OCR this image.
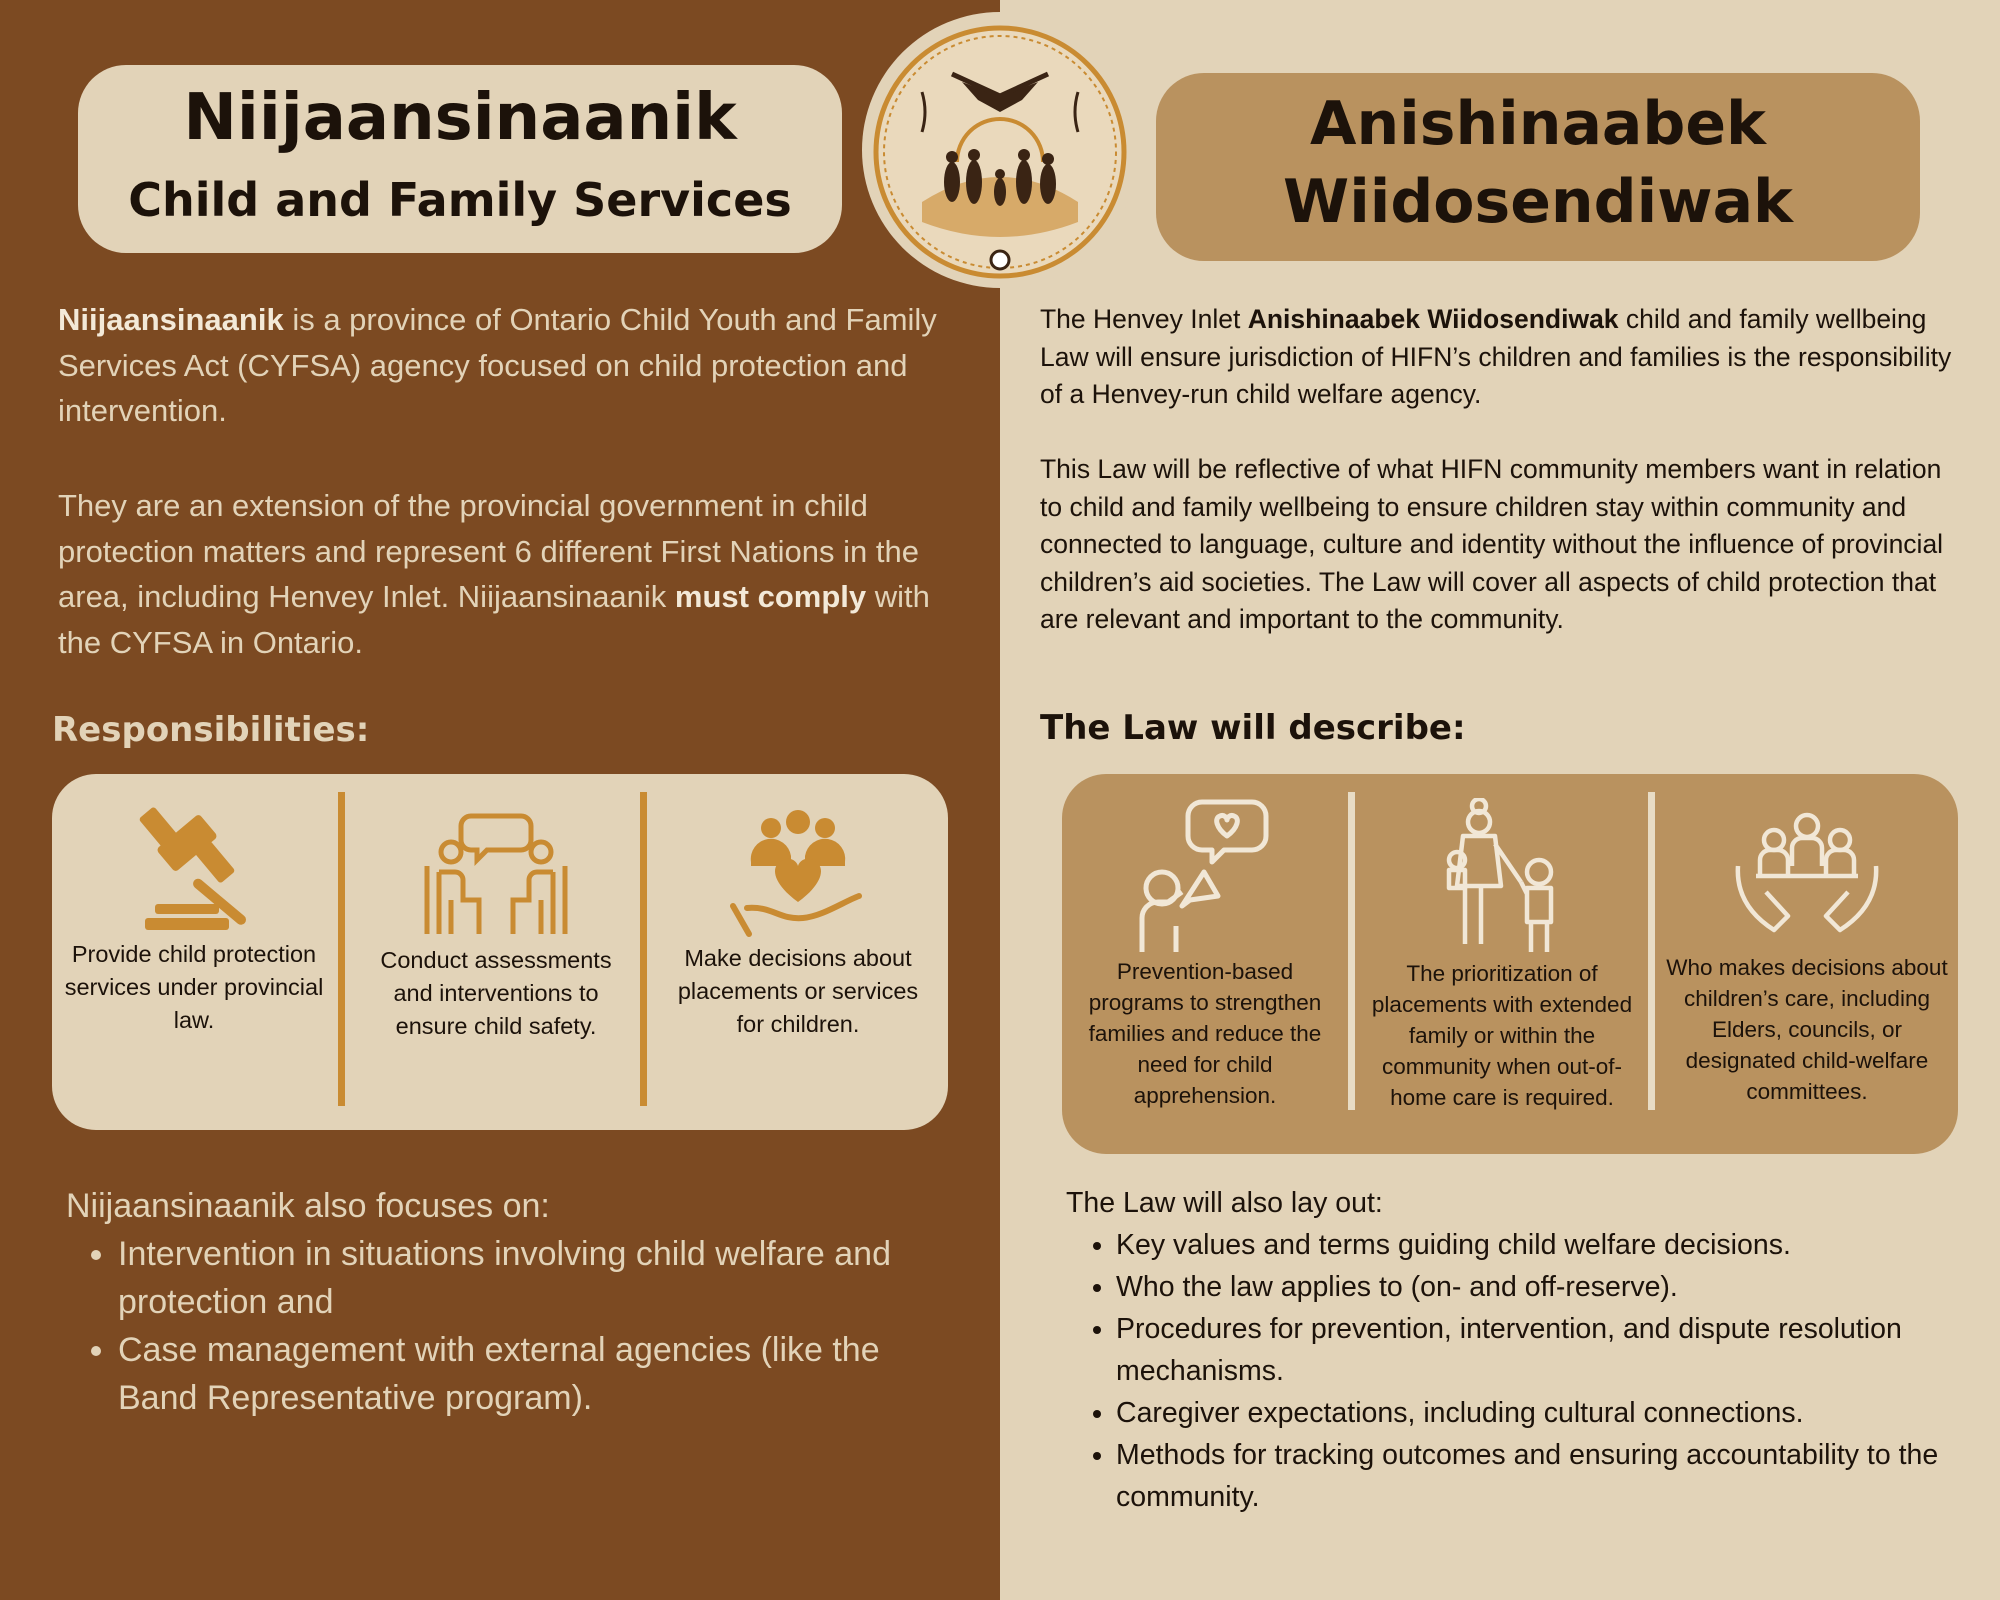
Niijaansinaanik
Child and Family Services
Anishinaabek
Wiidosendiwak
Niijaansinaanik is a province of Ontario Child Youth and Family Services Act (CYFSA) agency focused on child protection and intervention.
They are an extension of the provincial government in child protection matters and represent 6 different First Nations in the area, including Henvey Inlet. Niijaansinaanik must comply with the CYFSA in Ontario.
Responsibilities:
Provide child protection services under provincial law.
Conduct assessments and interventions to ensure child safety.
Make decisions about placements or services for children.
Niijaansinaanik also focuses on:
• Intervention in situations involving child welfare and protection and
• Case management with external agencies (like the Band Representative program).
The Henvey Inlet Anishinaabek Wiidosendiwak child and family wellbeing Law will ensure jurisdiction of HIFN’s children and families is the responsibility of a Henvey-run child welfare agency.
This Law will be reflective of what HIFN community members want in relation to child and family wellbeing to ensure children stay within community and connected to language, culture and identity without the influence of provincial children’s aid societies. The Law will cover all aspects of child protection that are relevant and important to the community.
The Law will describe:
Prevention-based programs to strengthen families and reduce the need for child apprehension.
The prioritization of placements with extended family or within the community when out-of-home care is required.
Who makes decisions about children’s care, including Elders, councils, or designated child-welfare committees.
The Law will also lay out:
• Key values and terms guiding child welfare decisions.
• Who the law applies to (on- and off-reserve).
• Procedures for prevention, intervention, and dispute resolution mechanisms.
• Caregiver expectations, including cultural connections.
• Methods for tracking outcomes and ensuring accountability to the community.
